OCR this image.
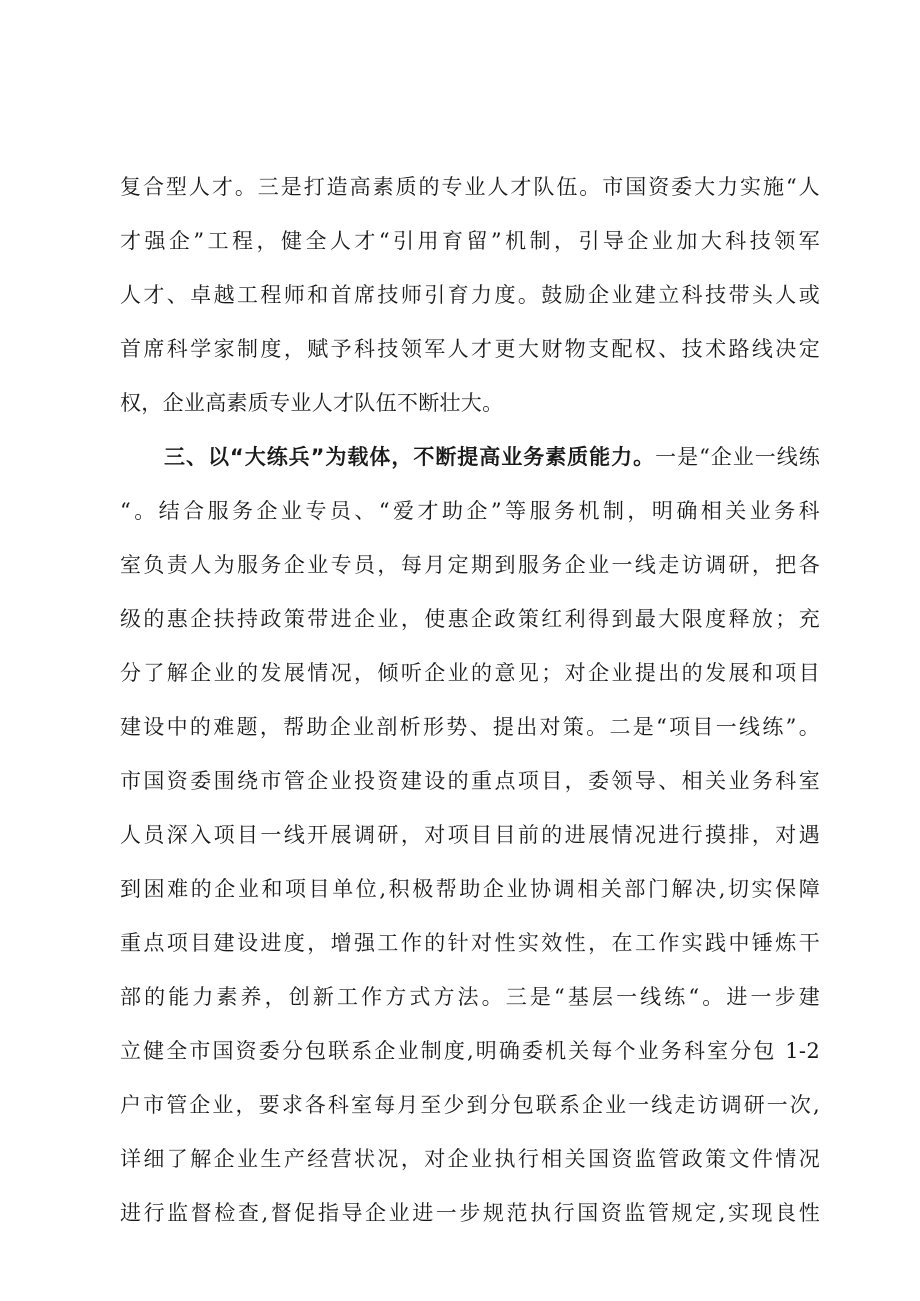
复合型人才。三是打造高素质的专业人才队伍。市国资委大力实施“人
才强企”工程，健全人才“引用育留”机制，引导企业加大科技领军
人才、卓越工程师和首席技师引育力度。鼓励企业建立科技带头人或
首席科学家制度，赋予科技领军人才更大财物支配权、技术路线决定
权，企业高素质专业人才队伍不断壮大。
三、以“大练兵”为载体，不断提高业务素质能力。一是“企业一线练
“。结合服务企业专员、“爱才助企”等服务机制，明确相关业务科
室负责人为服务企业专员，每月定期到服务企业一线走访调研，把各
级的惠企扶持政策带进企业，使惠企政策红利得到最大限度释放；充
分了解企业的发展情况，倾听企业的意见；对企业提出的发展和项目
建设中的难题，帮助企业剖析形势、提出对策。二是“项目一线练”。
市国资委围绕市管企业投资建设的重点项目，委领导、相关业务科室
人员深入项目一线开展调研，对项目目前的进展情况进行摸排，对遇
到困难的企业和项目单位,积极帮助企业协调相关部门解决,切实保障
重点项目建设进度，增强工作的针对性实效性，在工作实践中锤炼干
部的能力素养，创新工作方式方法。三是“基层一线练“。进一步建
立健全市国资委分包联系企业制度,明确委机关每个业务科室分包 1-2
户市管企业，要求各科室每月至少到分包联系企业一线走访调研一次,
详细了解企业生产经营状况，对企业执行相关国资监管政策文件情况
进行监督检查,督促指导企业进一步规范执行国资监管规定,实现良性
